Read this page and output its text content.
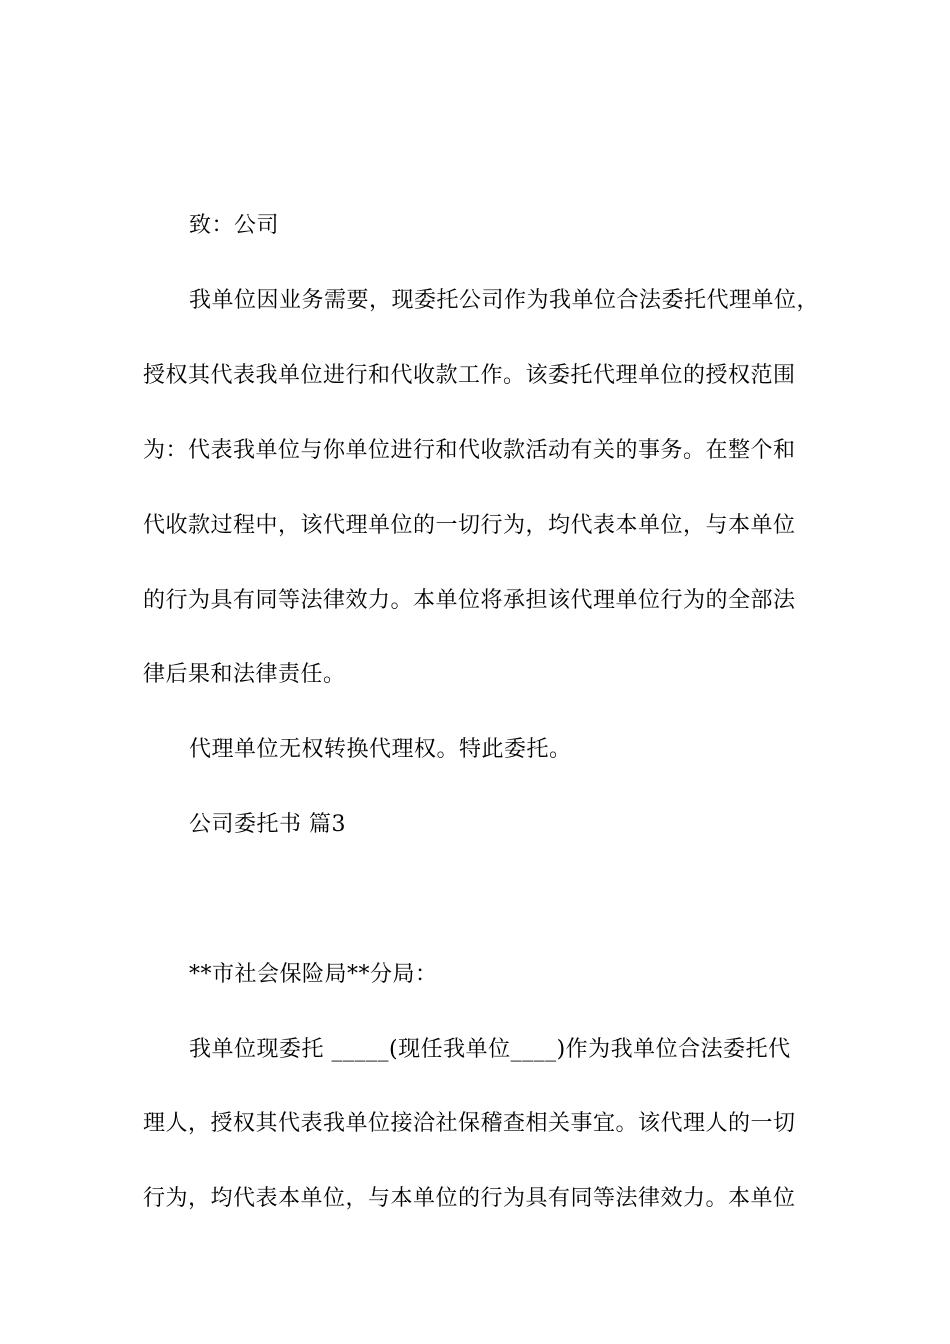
致：公司
我单位因业务需要，现委托公司作为我单位合法委托代理单位，
授权其代表我单位进行和代收款工作。该委托代理单位的授权范围
为：代表我单位与你单位进行和代收款活动有关的事务。在整个和
代收款过程中，该代理单位的一切行为，均代表本单位，与本单位
的行为具有同等法律效力。本单位将承担该代理单位行为的全部法
律后果和法律责任。
代理单位无权转换代理权。特此委托。
公司委托书 篇3
**市社会保险局**分局：
我单位现委托 _____(现任我单位____)作为我单位合法委托代
理人，授权其代表我单位接洽社保稽查相关事宜。该代理人的一切
行为，均代表本单位，与本单位的行为具有同等法律效力。本单位
